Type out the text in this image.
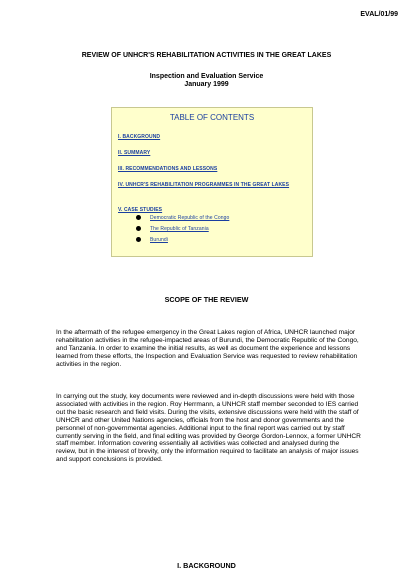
EVAL/01/99
REVIEW OF UNHCR'S REHABILITATION ACTIVITIES IN THE GREAT LAKES
Inspection and Evaluation Service
January 1999
TABLE OF CONTENTS
I. BACKGROUND
II. SUMMARY
III. RECOMMENDATIONS AND LESSONS
IV. UNHCR'S REHABILITATION PROGRAMMES IN THE GREAT LAKES
V. CASE STUDIES
Democratic Republic of the Congo
The Republic of Tanzania
Burundi
SCOPE OF THE REVIEW

In the aftermath of the refugee emergency in the Great Lakes region of Africa, UNHCR launched major rehabilitation activities in the refugee-impacted areas of Burundi, the Democratic Republic of the Congo, and Tanzania. In order to examine the initial results, as well as document the experience and lessons learned from these efforts, the Inspection and Evaluation Service was requested to review rehabilitation activities in the region.

In carrying out the study, key documents were reviewed and in-depth discussions were held with those associated with activities in the region. Roy Herrmann, a UNHCR staff member seconded to IES carried out the basic research and field visits. During the visits, extensive discussions were held with the staff of UNHCR and other United Nations agencies, officials from the host and donor governments and the personnel of non-governmental agencies. Additional input to the final report was carried out by staff currently serving in the field, and final editing was provided by George Gordon-Lennox, a former UNHCR staff member. Information covering essentially all activities was collected and analysed during the review, but in the interest of brevity, only the information required to facilitate an analysis of major issues and support conclusions is provided.

I. BACKGROUND
